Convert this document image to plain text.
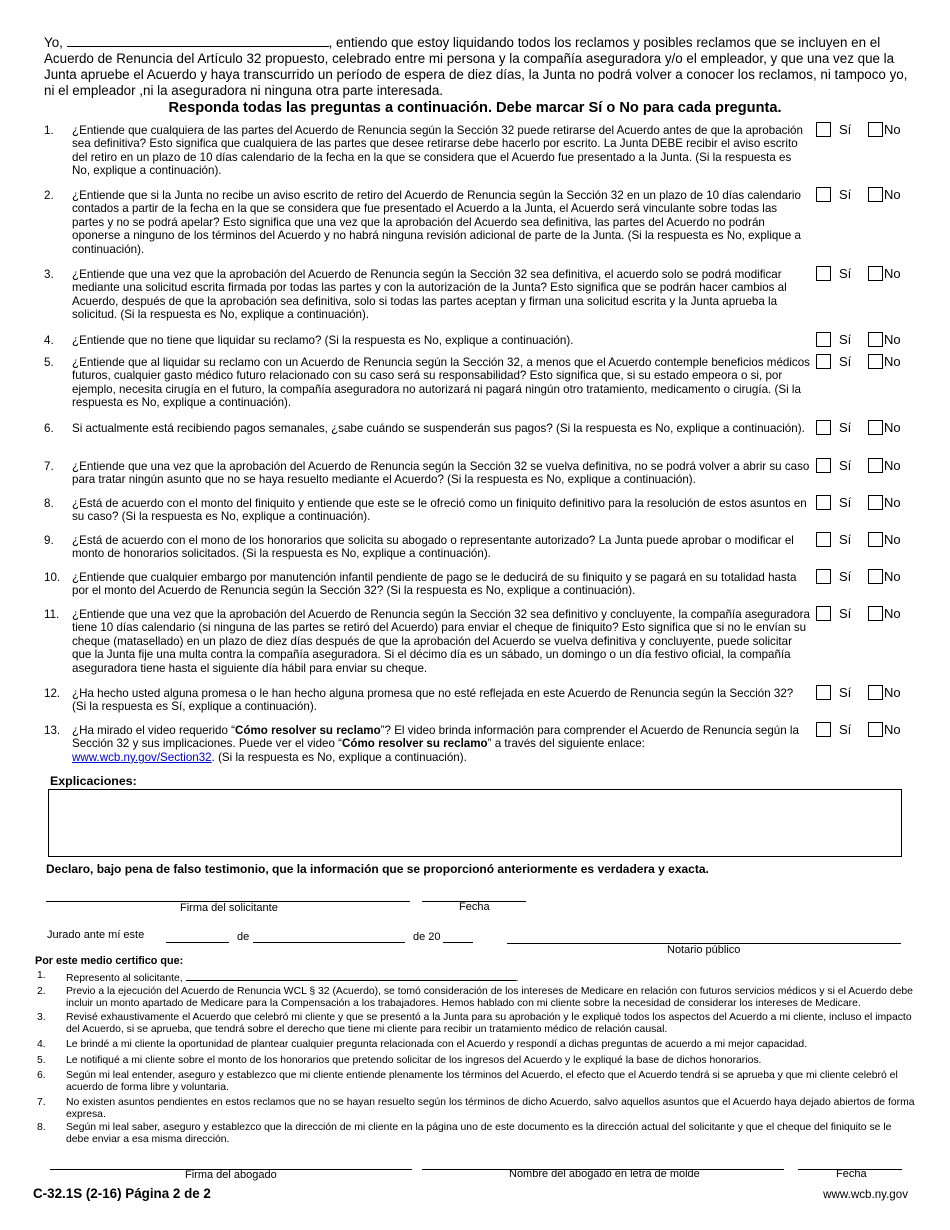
Yo,	, entiendo que estoy liquidando todos los reclamos y posibles reclamos que se incluyen en el Acuerdo de Renuncia del Artículo 32 propuesto, celebrado entre mi persona y la compañía aseguradora y/o el empleador, y que una vez que la Junta apruebe el Acuerdo y haya transcurrido un período de espera de diez días, la Junta no podrá volver a conocer los reclamos, ni tampoco yo, ni el empleador ,ni la aseguradora ni ninguna otra parte interesada.
Responda todas las preguntas a continuación. Debe marcar Sí o No para cada pregunta.
1. ¿Entiende que cualquiera de las partes del Acuerdo de Renuncia según la Sección 32 puede retirarse del Acuerdo antes de que la aprobación sea definitiva? Esto significa que cualquiera de las partes que desee retirarse debe hacerlo por escrito. La Junta DEBE recibir el aviso escrito del retiro en un plazo de 10 días calendario de la fecha en la que se considera que el Acuerdo fue presentado a la Junta. (Si la respuesta es No, explique a continuación).
Sí	No
2. ¿Entiende que si la Junta no recibe un aviso escrito de retiro del Acuerdo de Renuncia según la Sección 32 en un plazo de 10 días calendario contados a partir de la fecha en la que se considera que fue presentado el Acuerdo a la Junta, el Acuerdo será vinculante sobre todas las partes y no se podrá apelar? Esto significa que una vez que la aprobación del Acuerdo sea definitiva, las partes del Acuerdo no podrán oponerse a ninguno de los términos del Acuerdo y no habrá ninguna revisión adicional de parte de la Junta. (Si la respuesta es No, explique a continuación).
Sí	No
3. ¿Entiende que una vez que la aprobación del Acuerdo de Renuncia según la Sección 32 sea definitiva, el acuerdo solo se podrá modificar mediante una solicitud escrita firmada por todas las partes y con la autorización de la Junta? Esto significa que se podrán hacer cambios al Acuerdo, después de que la aprobación sea definitiva, solo si todas las partes aceptan y firman una solicitud escrita y la Junta aprueba la solicitud. (Si la respuesta es No, explique a continuación).
Sí	No
4. ¿Entiende que no tiene que liquidar su reclamo? (Si la respuesta es No, explique a continuación).	Sí	No
5. ¿Entiende que al liquidar su reclamo con un Acuerdo de Renuncia según la Sección 32, a menos que el Acuerdo contemple beneficios médicos futuros, cualquier gasto médico futuro relacionado con su caso será su responsabilidad? Esto significa que, si su estado empeora o si, por ejemplo, necesita cirugía en el futuro, la compañía aseguradora no autorizará ni pagará ningún otro tratamiento, medicamento o cirugía. (Si la respuesta es No, explique a continuación).
Sí	No
6. Si actualmente está recibiendo pagos semanales, ¿sabe cuándo se suspenderán sus pagos? (Si la respuesta es No, explique a continuación).	Sí	No
7. ¿Entiende que una vez que la aprobación del Acuerdo de Renuncia según la Sección 32 se vuelva definitiva, no se podrá volver a abrir su caso para tratar ningún asunto que no se haya resuelto mediante el Acuerdo? (Si la respuesta es No, explique a continuación).
Sí	No
8. ¿Está de acuerdo con el monto del finiquito y entiende que este se le ofreció como un finiquito definitivo para la resolución de estos asuntos en su caso? (Si la respuesta es No, explique a continuación).
Sí	No
9. ¿Está de acuerdo con el mono de los honorarios que solicita su abogado o representante autorizado? La Junta puede aprobar o modificar el monto de honorarios solicitados. (Si la respuesta es No, explique a continuación).
Sí	No
10. ¿Entiende que cualquier embargo por manutención infantil pendiente de pago se le deducirá de su finiquito y se pagará en su totalidad hasta por el monto del Acuerdo de Renuncia según la Sección 32? (Si la respuesta es No, explique a continuación).
Sí	No
11. ¿Entiende que una vez que la aprobación del Acuerdo de Renuncia según la Sección 32 sea definitivo y concluyente, la compañía aseguradora tiene 10 días calendario (si ninguna de las partes se retiró del Acuerdo) para enviar el cheque de finiquito? Esto significa que si no le envían su cheque (matasellado) en un plazo de diez días después de que la aprobación del Acuerdo se vuelva definitiva y concluyente, puede solicitar que la Junta fije una multa contra la compañía aseguradora. Si el décimo día es un sábado, un domingo o un día festivo oficial, la compañía aseguradora tiene hasta el siguiente día hábil para enviar su cheque.
Sí	No
12. ¿Ha hecho usted alguna promesa o le han hecho alguna promesa que no esté reflejada en este Acuerdo de Renuncia según la Sección 32? (Si la respuesta es Sí, explique a continuación).
Sí	No
13. ¿Ha mirado el video requerido “Cómo resolver su reclamo”? El video brinda información para comprender el Acuerdo de Renuncia según la Sección 32 y sus implicaciones. Puede ver el video “Cómo resolver su reclamo” a través del siguiente enlace:
www.wcb.ny.gov/Section32. (Si la respuesta es No, explique a continuación).
Sí	No
Explicaciones:
Declaro, bajo pena de falso testimonio, que la información que se proporcionó anteriormente es verdadera y exacta.
Firma del solicitante	Fecha
Jurado ante mí este	de	de 20
Notario público
Por este medio certifico que:
1. Represento al solicitante,	.
2. Previo a la ejecución del Acuerdo de Renuncia WCL § 32 (Acuerdo), se tomó consideración de los intereses de Medicare en relación con futuros servicios médicos y si el Acuerdo debe incluir un monto apartado de Medicare para la Compensación a los trabajadores. Hemos hablado con mi cliente sobre la necesidad de considerar los intereses de Medicare.
3. Revisé exhaustivamente el Acuerdo que celebró mi cliente y que se presentó a la Junta para su aprobación y le expliqué todos los aspectos del Acuerdo a mi cliente, incluso el impacto del Acuerdo, si se aprueba, que tendrá sobre el derecho que tiene mi cliente para recibir un tratamiento médico de relación causal.
4. Le brindé a mi cliente la oportunidad de plantear cualquier pregunta relacionada con el Acuerdo y respondí a dichas preguntas de acuerdo a mi mejor capacidad.
5. Le notifiqué a mi cliente sobre el monto de los honorarios que pretendo solicitar de los ingresos del Acuerdo y le expliqué la base de dichos honorarios.
6. Según mi leal entender, aseguro y establezco que mi cliente entiende plenamente los términos del Acuerdo, el efecto que el Acuerdo tendrá si se aprueba y que mi cliente celebró el acuerdo de forma libre y voluntaria.
7. No existen asuntos pendientes en estos reclamos que no se hayan resuelto según los términos de dicho Acuerdo, salvo aquellos asuntos que el Acuerdo haya dejado abiertos de forma expresa.
8. Según mi leal saber, aseguro y establezco que la dirección de mi cliente en la página uno de este documento es la dirección actual del solicitante y que el cheque del finiquito se le debe enviar a esa misma dirección.
Firma del abogado	Nombre del abogado en letra de molde	Fecha
C-32.1S (2-16) Página 2 de 2	www.wcb.ny.gov
